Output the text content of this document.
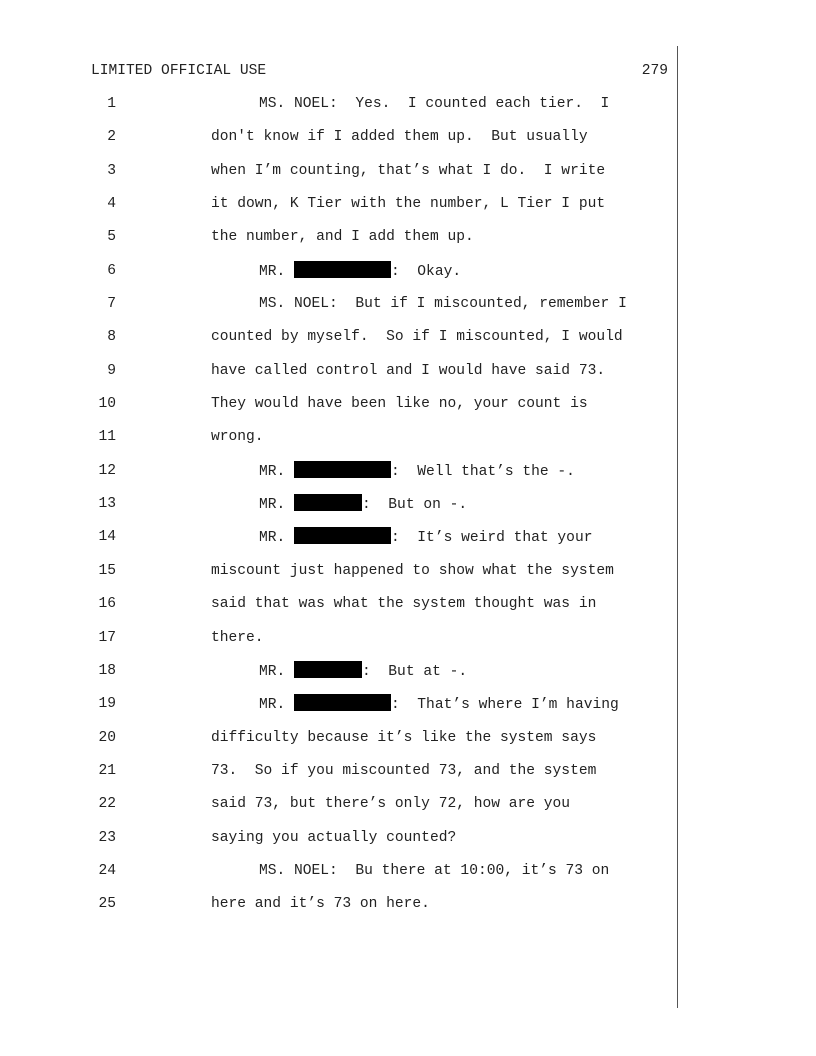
LIMITED OFFICIAL USE	279
1	MS. NOEL:  Yes.  I counted each tier.  I
2	don't know if I added them up.  But usually
3	when I’m counting, that’s what I do.  I write
4	it down, K Tier with the number, L Tier I put
5	the number, and I add them up.
6	MR.	:  Okay.
7	MS. NOEL:  But if I miscounted, remember I
8	counted by myself.  So if I miscounted, I would
9	have called control and I would have said 73.
10	They would have been like no, your count is
11	wrong.
12	MR.	:  Well that’s the -.
13	MR.	:  But on -.
14	MR.	:  It’s weird that your
15	miscount just happened to show what the system
16	said that was what the system thought was in
17	there.
18	MR.	:  But at -.
19	MR.	:  That’s where I’m having
20	difficulty because it’s like the system says
21	73.  So if you miscounted 73, and the system
22	said 73, but there’s only 72, how are you
23	saying you actually counted?
24	MS. NOEL:  Bu there at 10:00, it’s 73 on
25	here and it’s 73 on here.
